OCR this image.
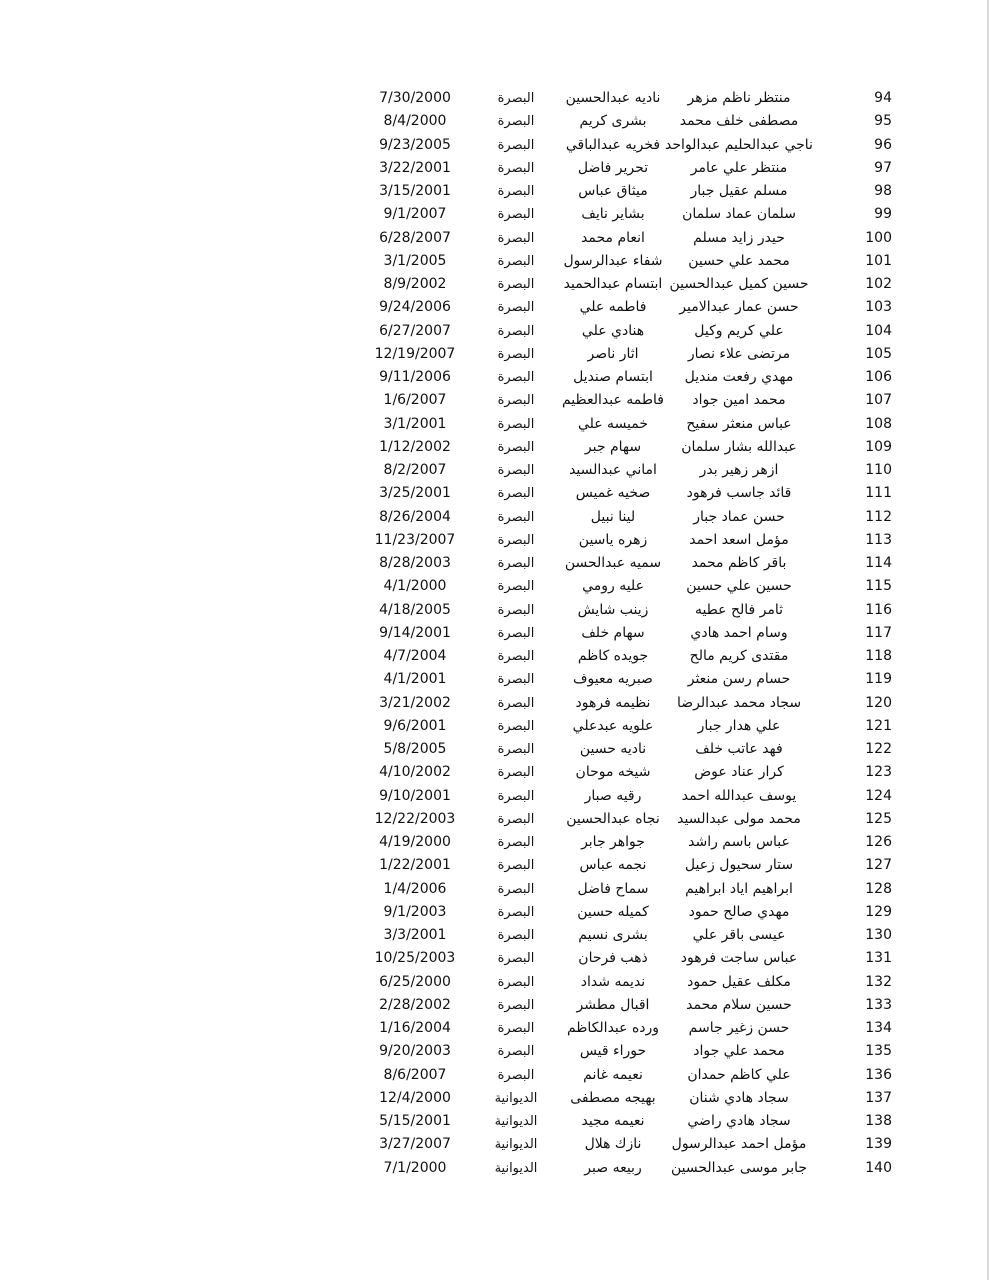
94
منتظر ناظم مزهر
ناديه عبدالحسين
البصرة
7/30/2000
95
مصطفى خلف محمد
بشرى كريم
البصرة
8/4/2000
96
ناجي عبدالحليم عبدالواحد
فخريه عبدالباقي
البصرة
9/23/2005
97
منتظر علي عامر
تحرير فاضل
البصرة
3/22/2001
98
مسلم عقيل جبار
ميثاق عباس
البصرة
3/15/2001
99
سلمان عماد سلمان
بشاير نايف
البصرة
9/1/2007
100
حيدر زايد مسلم
انعام محمد
البصرة
6/28/2007
101
محمد علي حسين
شفاء عبدالرسول
البصرة
3/1/2005
102
حسين كميل عبدالحسين
ابتسام عبدالحميد
البصرة
8/9/2002
103
حسن عمار عبدالامير
فاطمه علي
البصرة
9/24/2006
104
علي كريم وكيل
هنادي علي
البصرة
6/27/2007
105
مرتضى علاء نصار
اثار ناصر
البصرة
12/19/2007
106
مهدي رفعت منديل
ابتسام صنديل
البصرة
9/11/2006
107
محمد امين جواد
فاطمه عبدالعظيم
البصرة
1/6/2007
108
عباس منعثر سفيح
خميسه علي
البصرة
3/1/2001
109
عبدالله بشار سلمان
سهام جبر
البصرة
1/12/2002
110
ازهر زهير بدر
اماني عبدالسيد
البصرة
8/2/2007
111
قائد جاسب فرهود
صخيه غميس
البصرة
3/25/2001
112
حسن عماد جبار
لينا نبيل
البصرة
8/26/2004
113
مؤمل اسعد احمد
زهره ياسين
البصرة
11/23/2007
114
باقر كاظم محمد
سميه عبدالحسن
البصرة
8/28/2003
115
حسين علي حسين
عليه رومي
البصرة
4/1/2000
116
ثامر فالح عطيه
زينب شايش
البصرة
4/18/2005
117
وسام احمد هادي
سهام خلف
البصرة
9/14/2001
118
مقتدى كريم مالح
جويده كاظم
البصرة
4/7/2004
119
حسام رسن منعثر
صبريه معيوف
البصرة
4/1/2001
120
سجاد محمد عبدالرضا
نظيمه فرهود
البصرة
3/21/2002
121
علي هدار جبار
علويه عبدعلي
البصرة
9/6/2001
122
فهد عاتب خلف
ناديه حسين
البصرة
5/8/2005
123
كرار عناد عوض
شيخه موحان
البصرة
4/10/2002
124
يوسف عبدالله احمد
رقيه صبار
البصرة
9/10/2001
125
محمد مولى عبدالسيد
نجاه عبدالحسين
البصرة
12/22/2003
126
عباس باسم راشد
جواهر جابر
البصرة
4/19/2000
127
ستار سحيول زعيل
نجمه عباس
البصرة
1/22/2001
128
ابراهيم اياد ابراهيم
سماح فاضل
البصرة
1/4/2006
129
مهدي صالح حمود
كميله حسين
البصرة
9/1/2003
130
عيسى باقر علي
بشرى نسيم
البصرة
3/3/2001
131
عباس ساجت فرهود
ذهب فرحان
البصرة
10/25/2003
132
مكلف عقيل حمود
نديمه شداد
البصرة
6/25/2000
133
حسين سلام محمد
اقبال مطشر
البصرة
2/28/2002
134
حسن زغير جاسم
ورده عبدالكاظم
البصرة
1/16/2004
135
محمد علي جواد
حوراء قيس
البصرة
9/20/2003
136
علي كاظم حمدان
نعيمه غانم
البصرة
8/6/2007
137
سجاد هادي شنان
بهيجه مصطفى
الديوانية
12/4/2000
138
سجاد هادي راضي
نعيمه مجيد
الديوانية
5/15/2001
139
مؤمل احمد عبدالرسول
نازك هلال
الديوانية
3/27/2007
140
جابر موسى عبدالحسين
ربيعه صبر
الديوانية
7/1/2000
